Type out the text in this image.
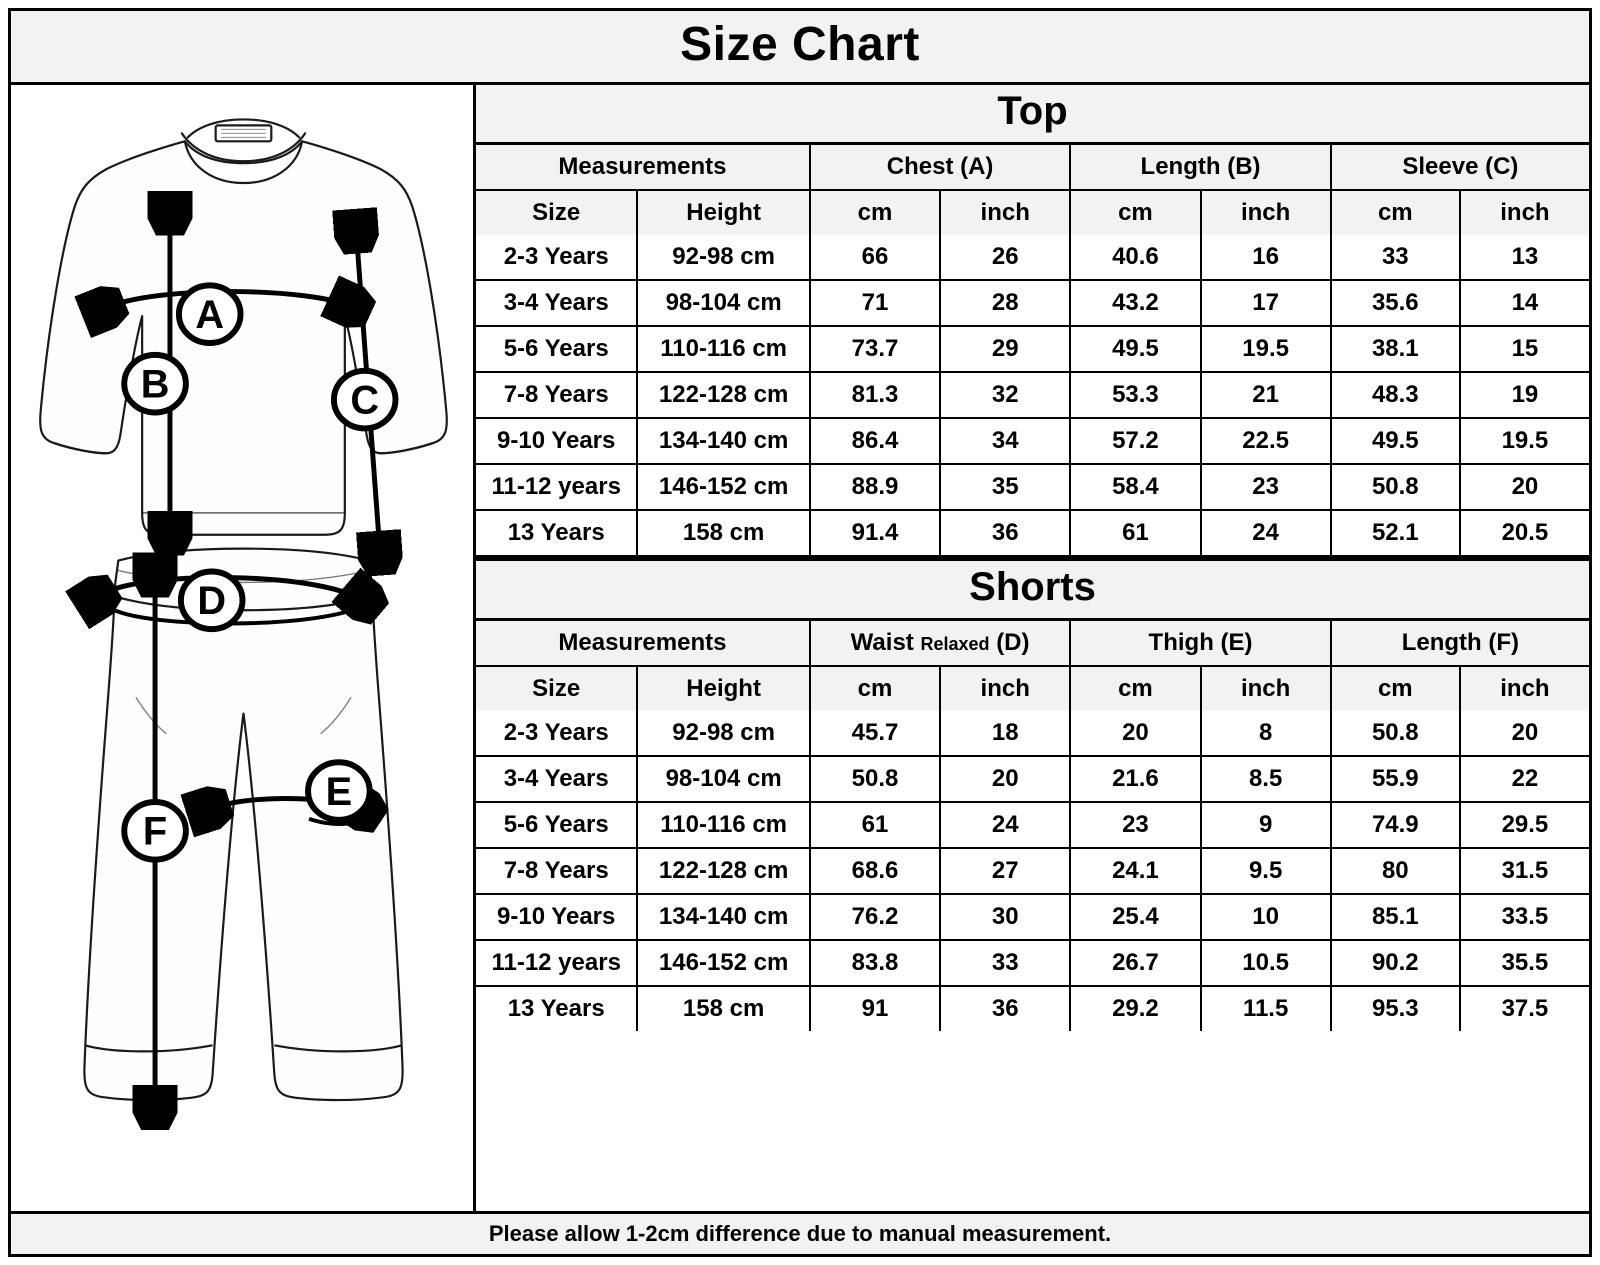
Size Chart
A
B	C
D
E
F
Top
Measurements		Chest (A)		Length (B)		Sleeve (C)	
Size	Height	cm	inch	cm	inch	cm	inch
2-3 Years	92-98 cm	66	26	40.6	16	33	13
3-4 Years	98-104 cm	71	28	43.2	17	35.6	14
5-6 Years	110-116 cm	73.7	29	49.5	19.5	38.1	15
7-8 Years	122-128 cm	81.3	32	53.3	21	48.3	19
9-10 Years	134-140 cm	86.4	34	57.2	22.5	49.5	19.5
11-12 years	146-152 cm	88.9	35	58.4	23	50.8	20
13 Years	158 cm	91.4	36	61	24	52.1	20.5
Shorts
Measurements		Waist Relaxed (D)		Thigh (E)		Length (F)	
Size	Height	cm	inch	cm	inch	cm	inch
2-3 Years	92-98 cm	45.7	18	20	8	50.8	20
3-4 Years	98-104 cm	50.8	20	21.6	8.5	55.9	22
5-6 Years	110-116 cm	61	24	23	9	74.9	29.5
7-8 Years	122-128 cm	68.6	27	24.1	9.5	80	31.5
9-10 Years	134-140 cm	76.2	30	25.4	10	85.1	33.5
11-12 years	146-152 cm	83.8	33	26.7	10.5	90.2	35.5
13 Years	158 cm	91	36	29.2	11.5	95.3	37.5
Please allow 1-2cm difference due to manual measurement.
